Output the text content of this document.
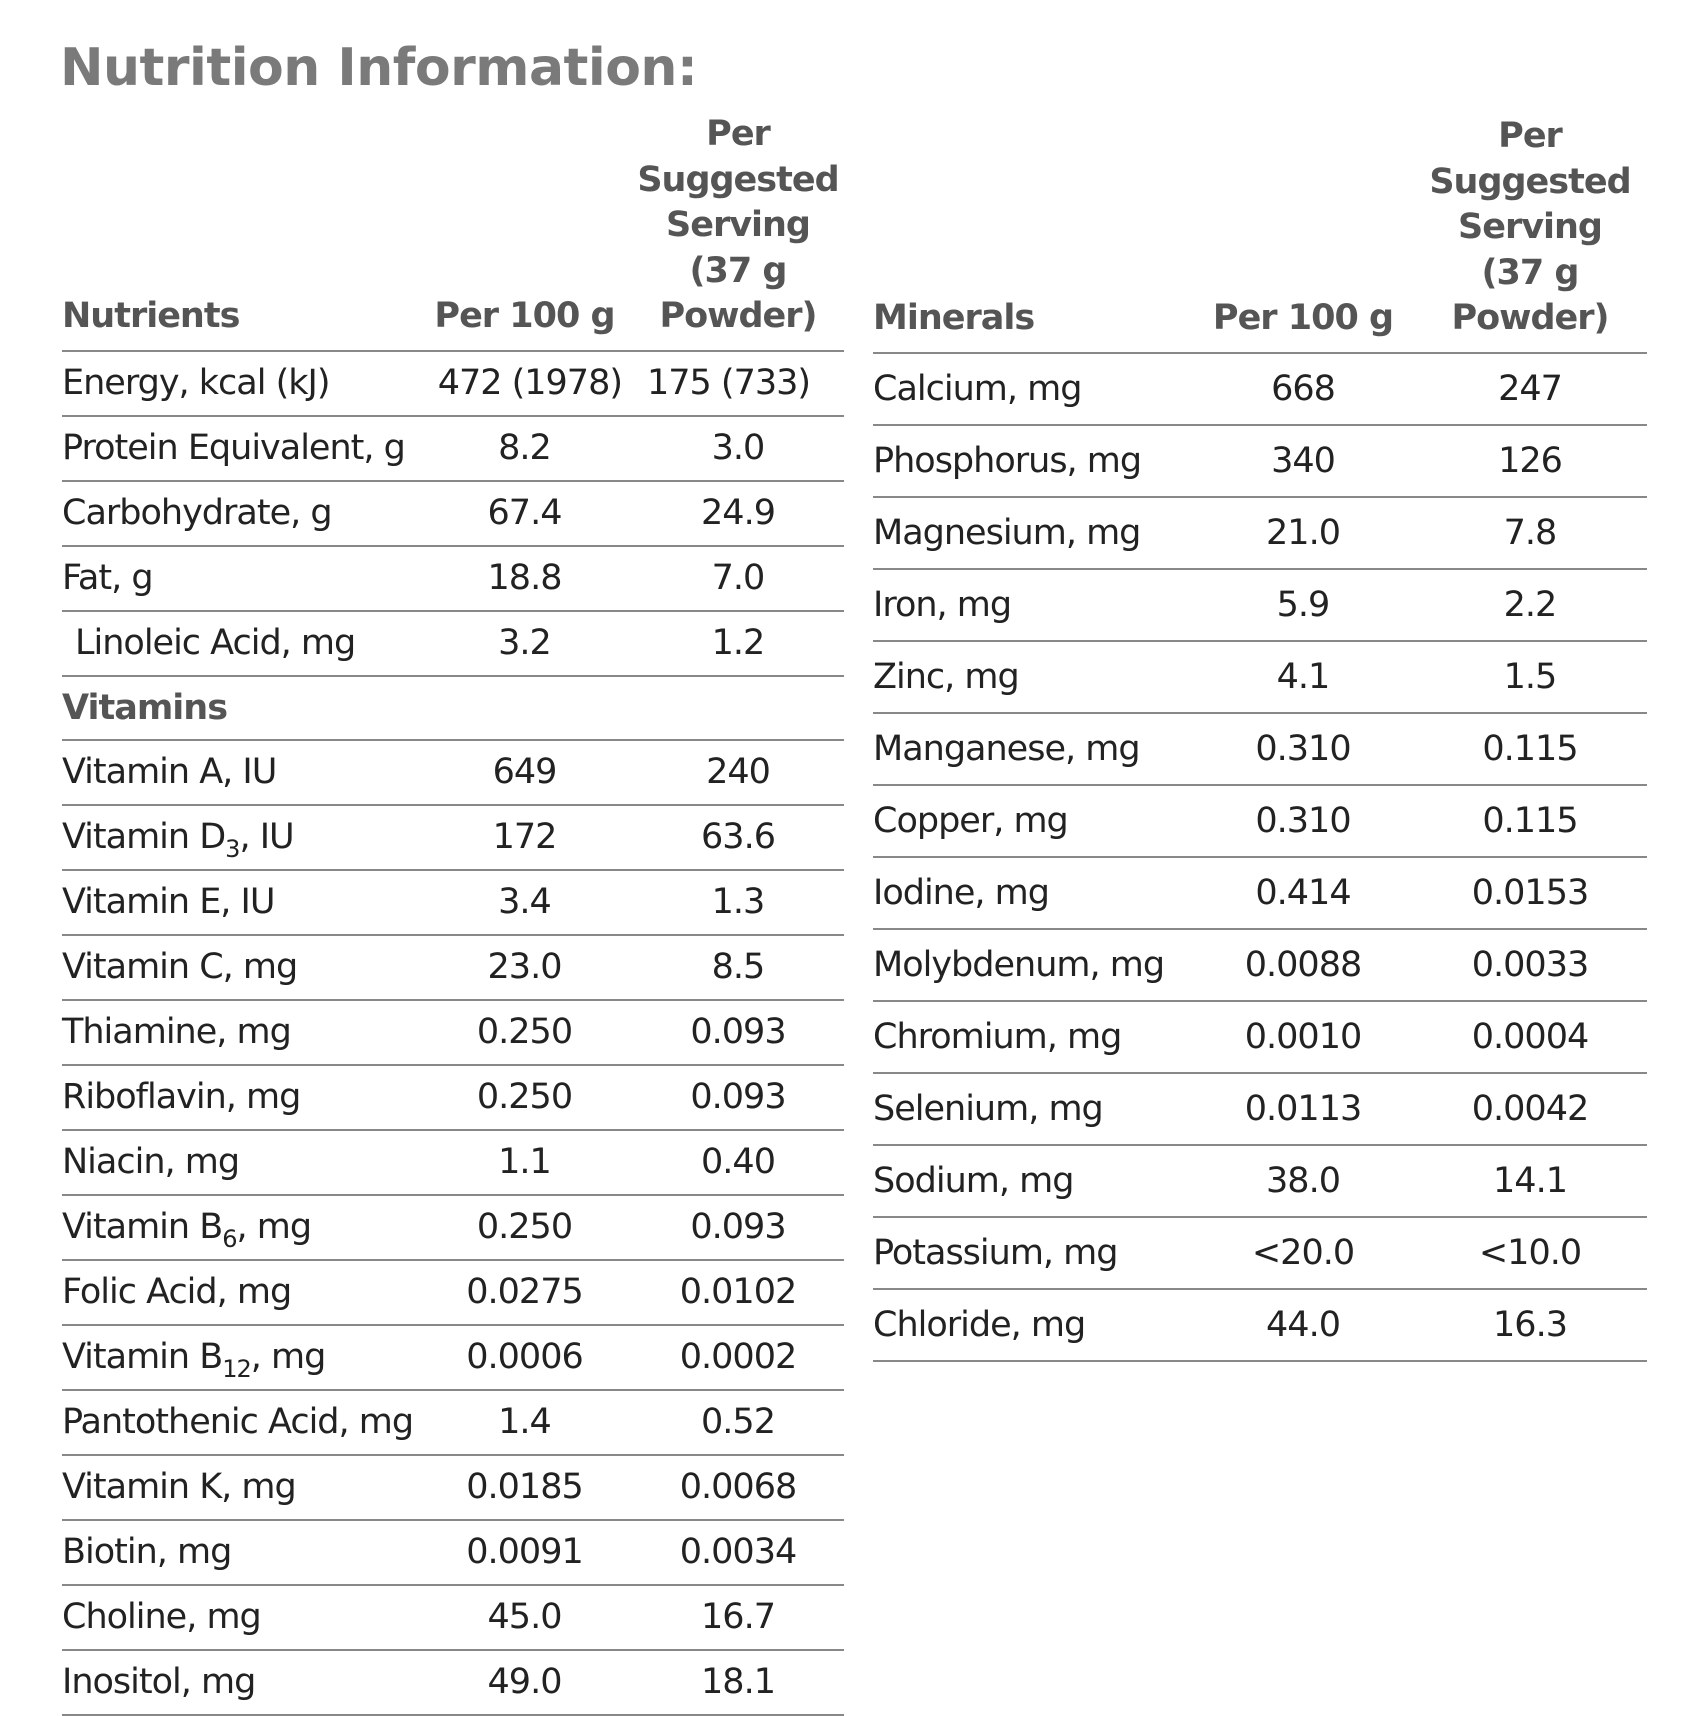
Nutrition Information:
Nutrients	Per 100 g	Per Suggested
Serving
(37 g Powder)
Energy, kcal (kJ)	472 (1978)	175 (733)
Protein Equivalent, g	8.2	3.0
Carbohydrate, g	67.4	24.9
Fat, g	18.8	7.0
Linoleic Acid, mg	3.2	1.2
Vitamins		
Vitamin A, IU	649	240
Vitamin $D_3$, IU	172	63.6
Vitamin E, IU	3.4	1.3
Vitamin C, mg	23.0	8.5
Thiamine, mg	0.250	0.093
Riboflavin, mg	0.250	0.093
Niacin, mg	1.1	0.40
Vitamin $B_6$, mg	0.250	0.093
Folic Acid, mg	0.0275	0.0102
Vitamin $B_{12}$, mg	0.0006	0.0002
Pantothenic Acid, mg	1.4	0.52
Vitamin K, mg	0.0185	0.0068
Biotin, mg	0.0091	0.0034
Choline, mg	45.0	16.7
Inositol, mg	49.0	18.1
Minerals	Per 100 g	Per Suggested
Serving
(37 g Powder)
Calcium, mg	668	247
Phosphorus, mg	340	126
Magnesium, mg	21.0	7.8
Iron, mg	5.9	2.2
Zinc, mg	4.1	1.5
Manganese, mg	0.310	0.115
Copper, mg	0.310	0.115
Iodine, mg	0.414	0.0153
Molybdenum, mg	0.0088	0.0033
Chromium, mg	0.0010	0.0004
Selenium, mg	0.0113	0.0042
Sodium, mg	38.0	14.1
Potassium, mg	<20.0	<10.0
Chloride, mg	44.0	16.3
